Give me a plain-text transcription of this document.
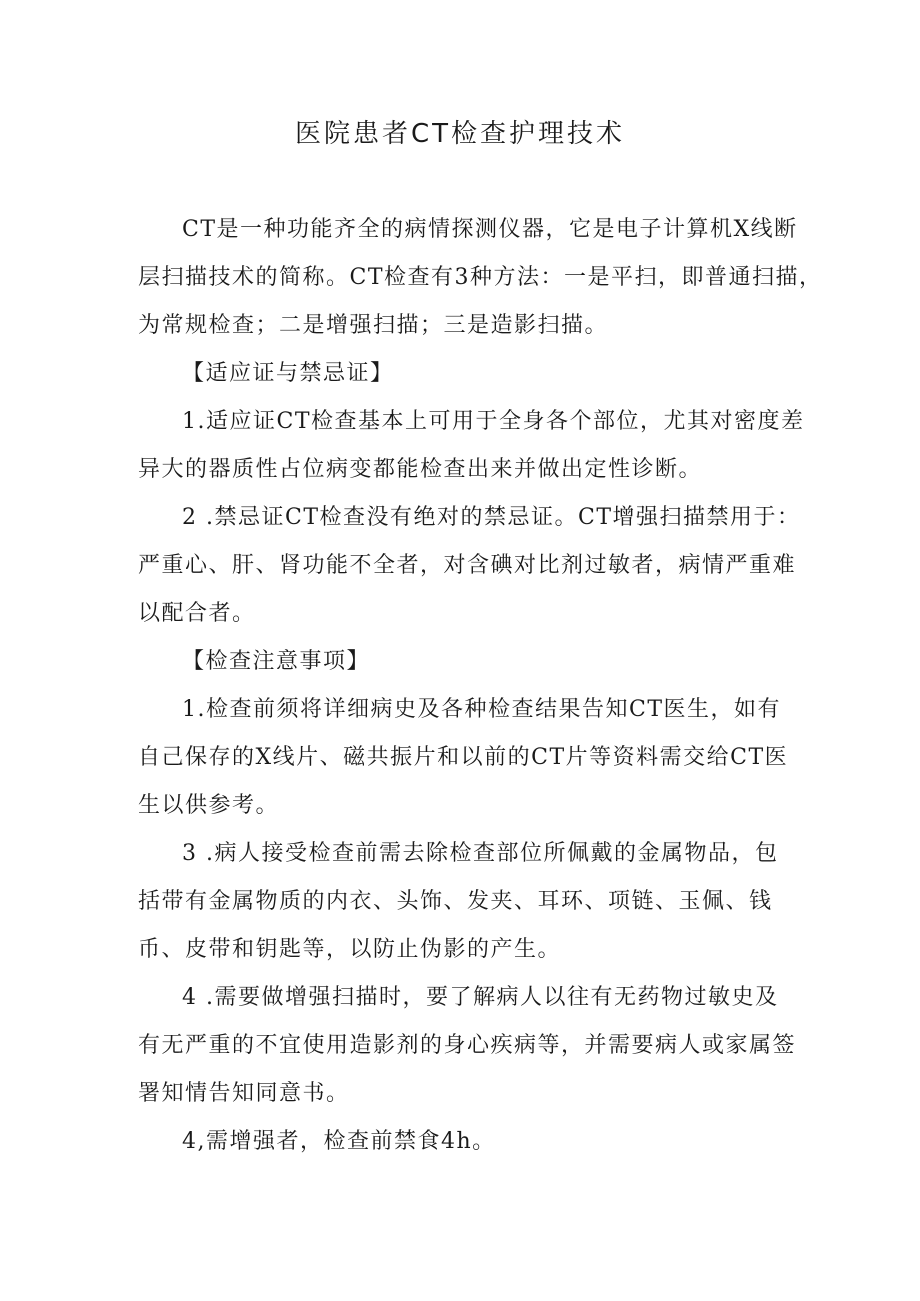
医院患者CT检查护理技术

CT是一种功能齐全的病情探测仪器，它是电子计算机X线断
层扫描技术的简称。CT检查有3种方法：一是平扫，即普通扫描，
为常规检查；二是增强扫描；三是造影扫描。

【适应证与禁忌证】

1.适应证CT检查基本上可用于全身各个部位，尤其对密度差
异大的器质性占位病变都能检查出来并做出定性诊断。

2 .禁忌证CT检查没有绝对的禁忌证。CT增强扫描禁用于：
严重心、肝、肾功能不全者，对含碘对比剂过敏者，病情严重难
以配合者。

【检查注意事项】

1.检查前须将详细病史及各种检查结果告知CT医生，如有
自己保存的X线片、磁共振片和以前的CT片等资料需交给CT医
生以供参考。

3 .病人接受检查前需去除检查部位所佩戴的金属物品，包
括带有金属物质的内衣、头饰、发夹、耳环、项链、玉佩、钱
币、皮带和钥匙等，以防止伪影的产生。

4 .需要做增强扫描时，要了解病人以往有无药物过敏史及
有无严重的不宜使用造影剂的身心疾病等，并需要病人或家属签
署知情告知同意书。

4,需增强者，检查前禁食4h。
